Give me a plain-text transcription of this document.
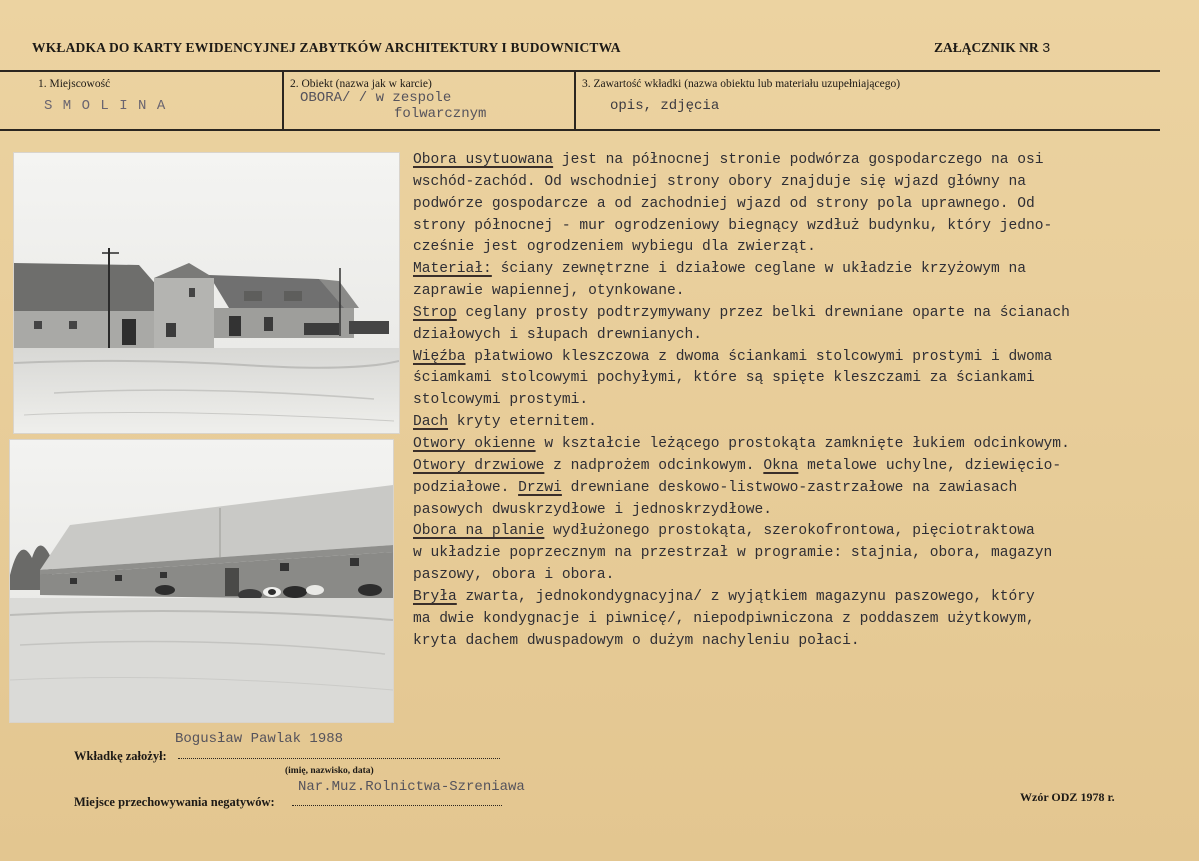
WKŁADKA DO KARTY EWIDENCYJNEJ ZABYTKÓW ARCHITEKTURY I BUDOWNICTWA	ZAŁĄCZNIK NR 3
1. Miejscowość
S M O L I N A
2. Obiekt (nazwa jak w karcie)
OBORA/ / w zespole
folwarcznym
3. Zawartość wkładki (nazwa obiektu lub materiału uzupełniającego)
opis, zdjęcia
Obora usytuowana jest na północnej stronie podwórza gospodarczego na osi
wschód-zachód. Od wschodniej strony obory znajduje się wjazd główny na
podwórze gospodarcze a od zachodniej wjazd od strony pola uprawnego. Od
strony północnej - mur ogrodzeniowy biegnący wzdłuż budynku, który jedno-
cześnie jest ogrodzeniem wybiegu dla zwierząt.
Materiał: ściany zewnętrzne i działowe ceglane w układzie krzyżowym na
zaprawie wapiennej, otynkowane.
Strop ceglany prosty podtrzymywany przez belki drewniane oparte na ścianach
działowych i słupach drewnianych.
Więźba płatwiowo kleszczowa z dwoma ściankami stolcowymi prostymi i dwoma
ściamkami stolcowymi pochyłymi, które są spięte kleszczami za ściankami
stolcowymi prostymi.
Dach kryty eternitem.
Otwory okienne w kształcie leżącego prostokąta zamknięte łukiem odcinkowym.
Otwory drzwiowe z nadprożem odcinkowym. Okna metalowe uchylne, dziewięcio-
podziałowe. Drzwi drewniane deskowo-listwowo-zastrzałowe na zawiasach
pasowych dwuskrzydłowe i jednoskrzydłowe.
Obora na planie wydłużonego prostokąta, szerokofrontowa, pięciotraktowa
w układzie poprzecznym na przestrzał w programie: stajnia, obora, magazyn
paszowy, obora i obora.
Bryła zwarta, jednokondygnacyjna/ z wyjątkiem magazynu paszowego, który
ma dwie kondygnacje i piwnicę/, niepodpiwniczona z poddaszem użytkowym,
kryta dachem dwuspadowym o dużym nachyleniu połaci.
Bogusław Pawlak 1988
Wkładkę założył:
(imię, nazwisko, data)
Nar.Muz.Rolnictwa-Szreniawa
Miejsce przechowywania negatywów:	Wzór ODZ 1978 r.
